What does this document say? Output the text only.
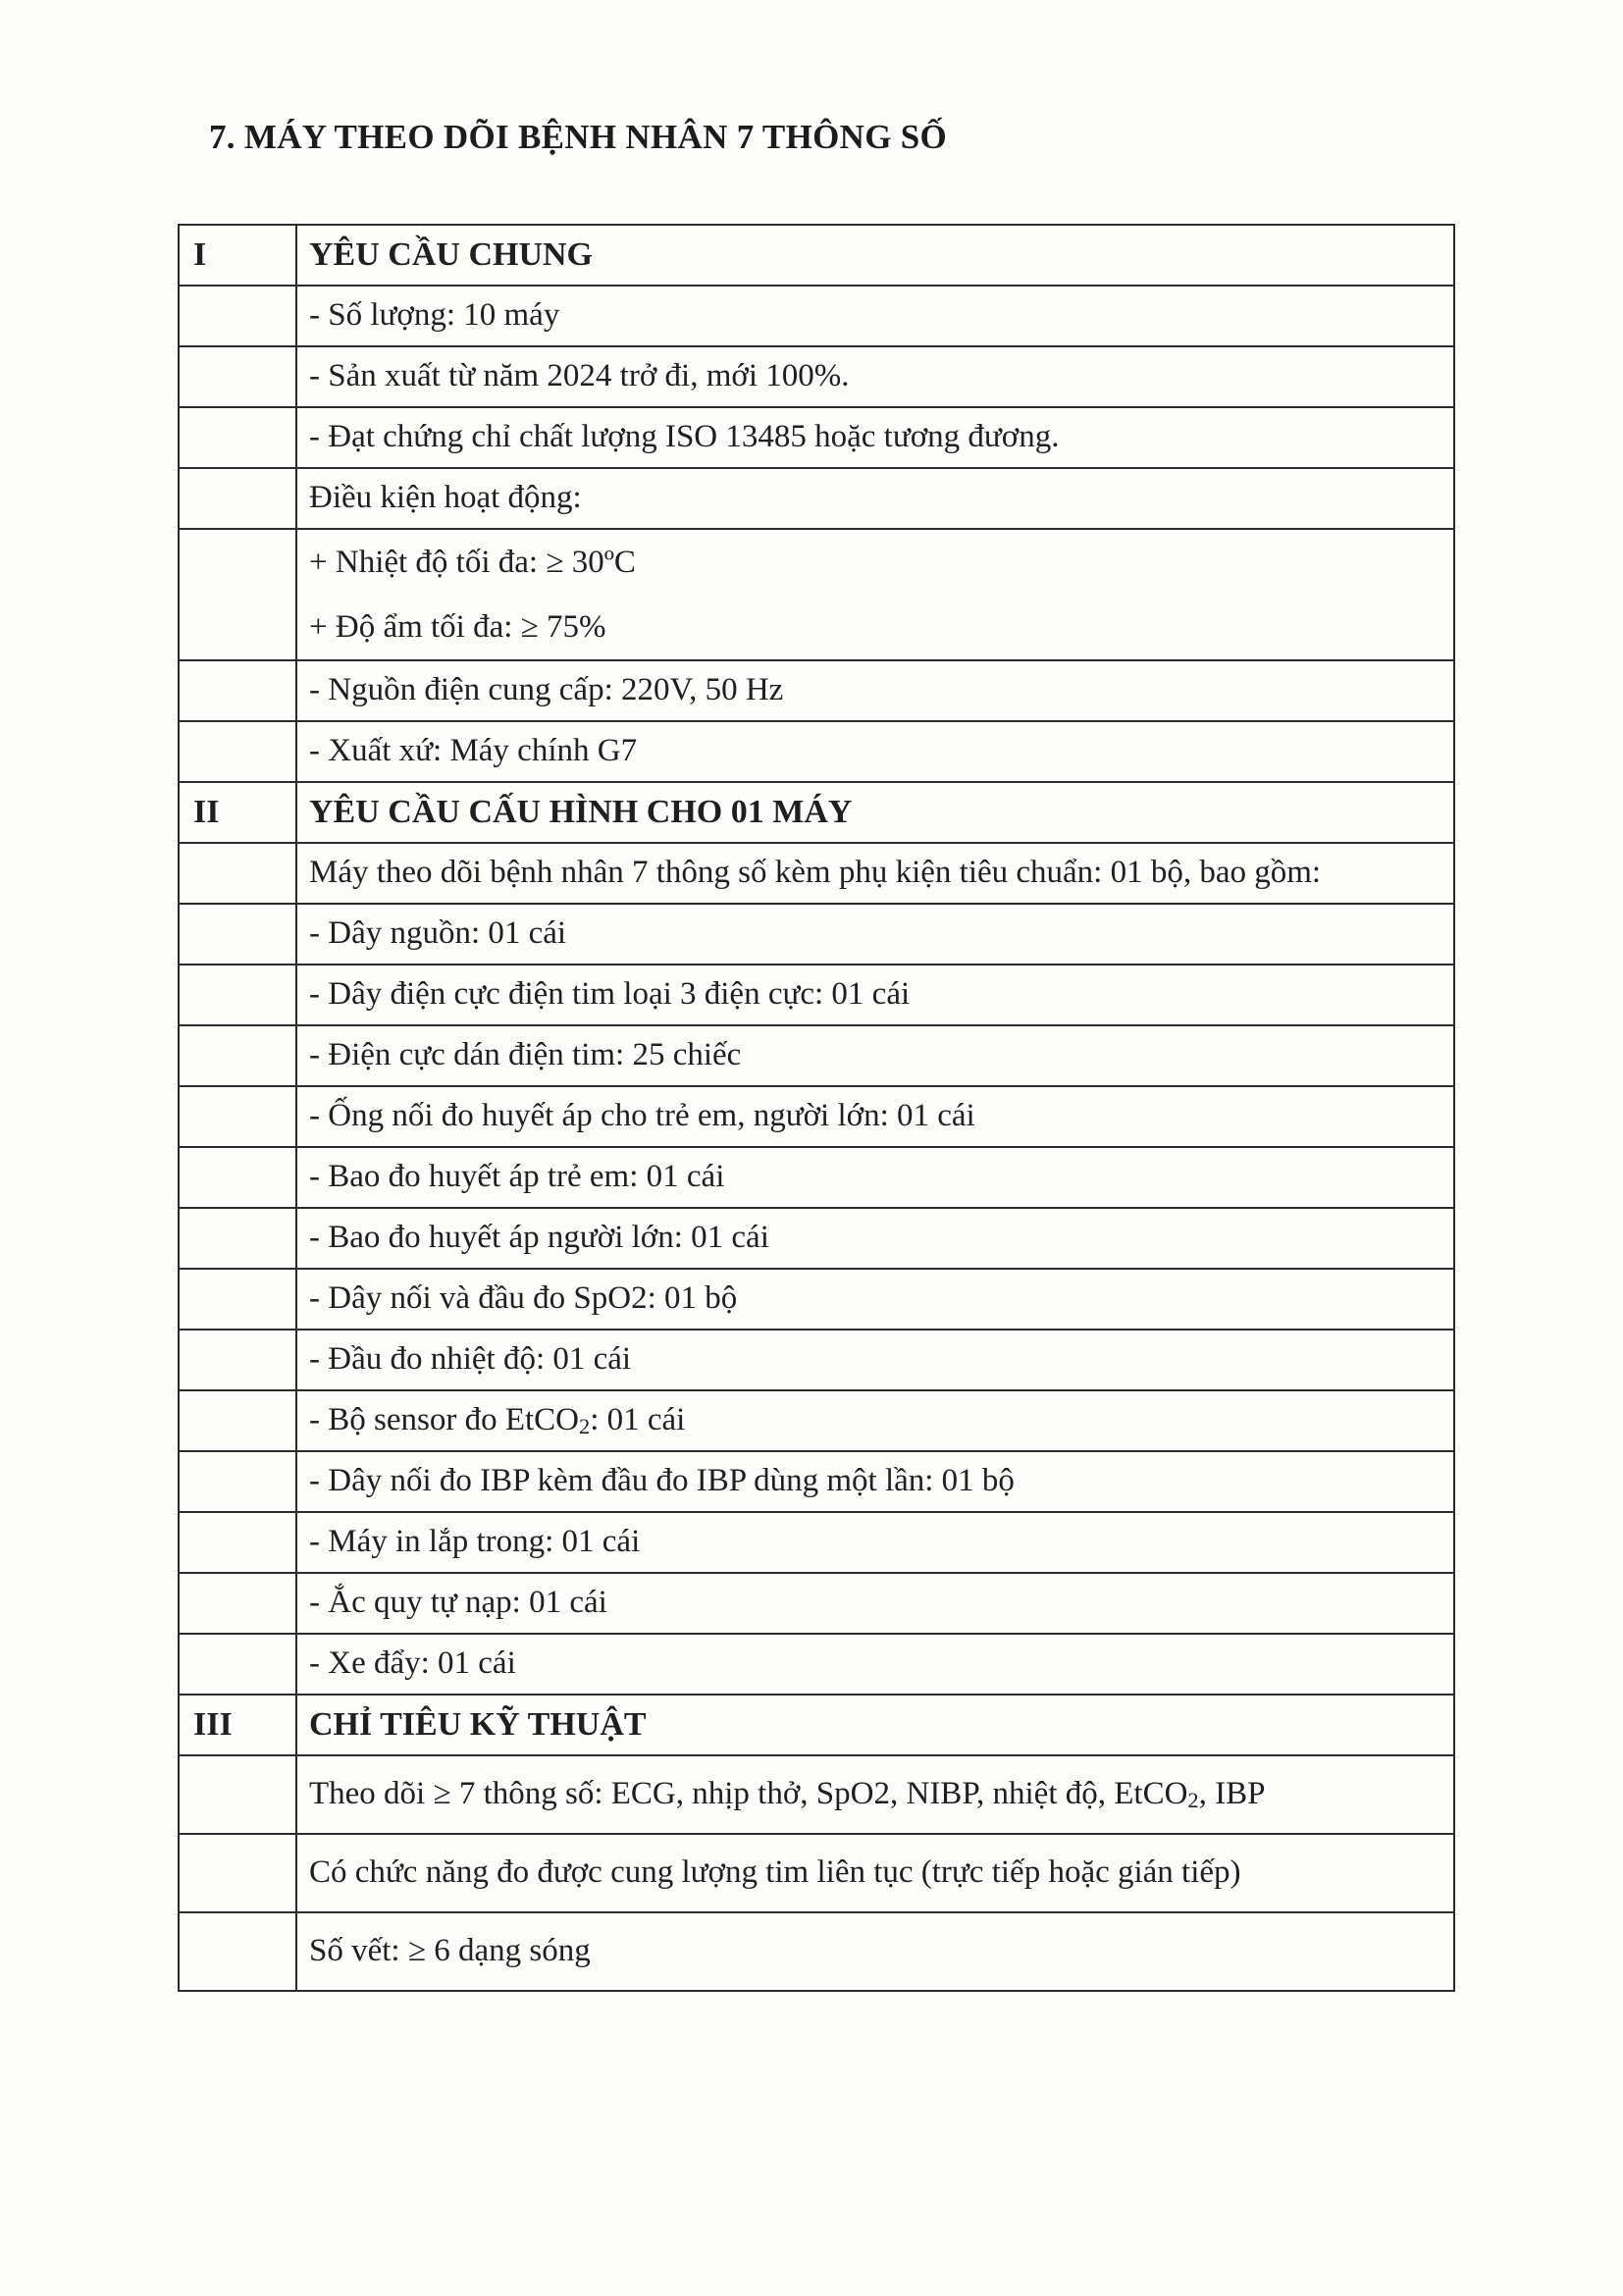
7. MÁY THEO DÕI BỆNH NHÂN 7 THÔNG SỐ
I	YÊU CẦU CHUNG
	- Số lượng: 10 máy
	- Sản xuất từ năm 2024 trở đi, mới 100%.
	- Đạt chứng chỉ chất lượng ISO 13485 hoặc tương đương.
	Điều kiện hoạt động:

	+ Nhiệt độ tối đa: ≥ 30ºC
+ Độ ẩm tối đa: ≥ 75%

	- Nguồn điện cung cấp: 220V, 50 Hz
	- Xuất xứ: Máy chính G7
II	YÊU CẦU CẤU HÌNH CHO 01 MÁY
	Máy theo dõi bệnh nhân 7 thông số kèm phụ kiện tiêu chuẩn: 01 bộ, bao gồm:
	- Dây nguồn: 01 cái
	- Dây điện cực điện tim loại 3 điện cực: 01 cái
	- Điện cực dán điện tim: 25 chiếc
	- Ống nối đo huyết áp cho trẻ em, người lớn: 01 cái
	- Bao đo huyết áp trẻ em: 01 cái
	- Bao đo huyết áp người lớn: 01 cái
	- Dây nối và đầu đo SpO2: 01 bộ
	- Đầu đo nhiệt độ: 01 cái
	- Bộ sensor đo EtCO$_2$: 01 cái
	- Dây nối đo IBP kèm đầu đo IBP dùng một lần: 01 bộ
	- Máy in lắp trong: 01 cái
	- Ắc quy tự nạp: 01 cái
	- Xe đẩy: 01 cái
III	CHỈ TIÊU KỸ THUẬT
	Theo dõi ≥ 7 thông số: ECG, nhịp thở, SpO2, NIBP, nhiệt độ, EtCO$_2$, IBP
	Có chức năng đo được cung lượng tim liên tục (trực tiếp hoặc gián tiếp)
	Số vết: ≥ 6 dạng sóng
